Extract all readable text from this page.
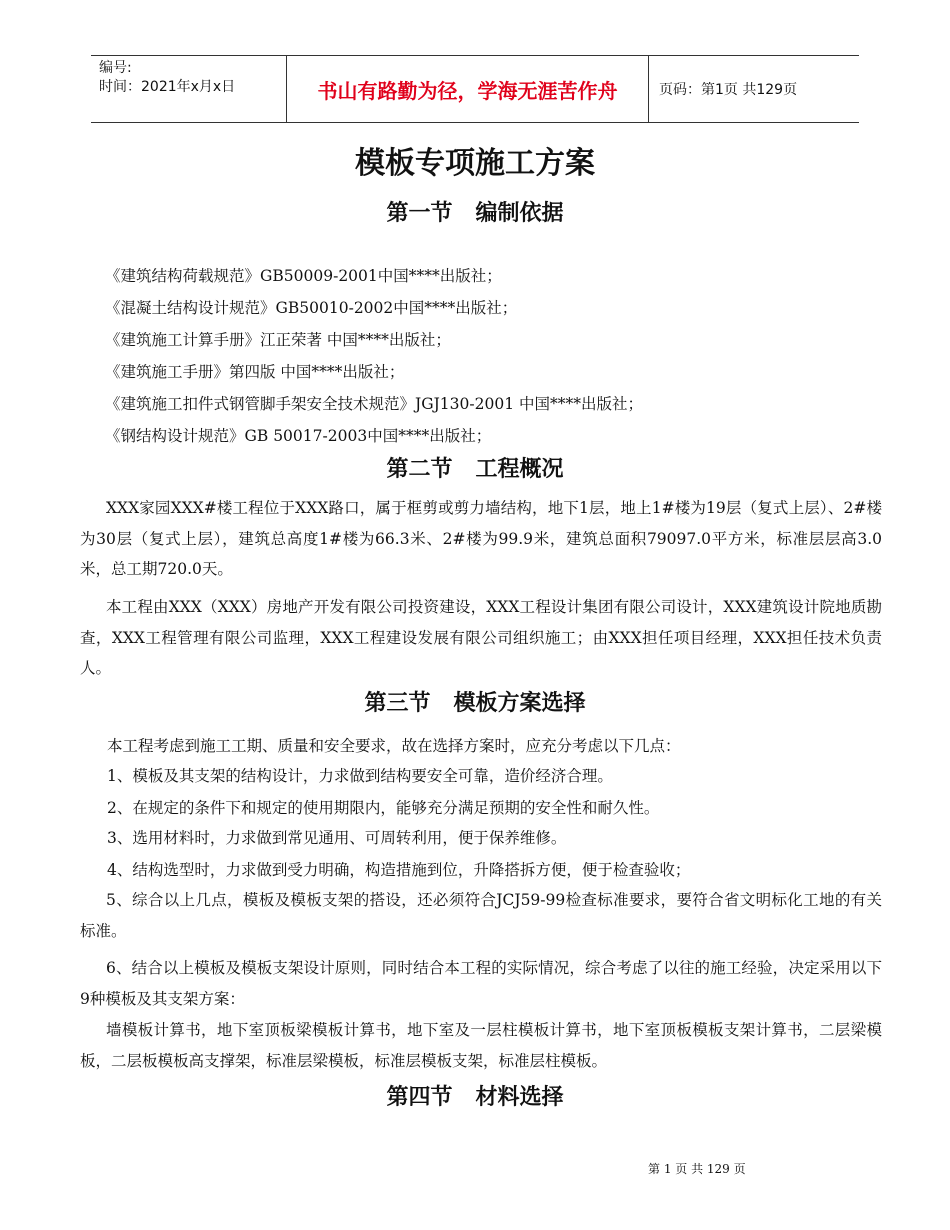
编号:
时间：2021年x月x日	书山有路勤为径，学海无涯苦作舟	页码：第1页 共129页
模板专项施工方案
第一节   编制依据
《建筑结构荷载规范》GB50009-2001中国****出版社；
《混凝土结构设计规范》GB50010-2002中国****出版社；
《建筑施工计算手册》江正荣著 中国****出版社；
《建筑施工手册》第四版 中国****出版社；
《建筑施工扣件式钢管脚手架安全技术规范》JGJ130-2001 中国****出版社；
《钢结构设计规范》GB 50017-2003中国****出版社；
第二节   工程概况

XXX家园XXX#楼工程位于XXX路口，属于框剪或剪力墙结构，地下1层，地上1#楼为19层（复式上层）、2#楼为30层（复式上层），建筑总高度1#楼为66.3米、2#楼为99.9米，建筑总面积79097.0平方米，标准层层高3.0米，总工期720.0天。

本工程由XXX（XXX）房地产开发有限公司投资建设，XXX工程设计集团有限公司设计，XXX建筑设计院地质勘查，XXX工程管理有限公司监理，XXX工程建设发展有限公司组织施工；由XXX担任项目经理，XXX担任技术负责人。

第三节   模板方案选择
本工程考虑到施工工期、质量和安全要求，故在选择方案时，应充分考虑以下几点：
1、模板及其支架的结构设计，力求做到结构要安全可靠，造价经济合理。
2、在规定的条件下和规定的使用期限内，能够充分满足预期的安全性和耐久性。
3、选用材料时，力求做到常见通用、可周转利用，便于保养维修。
4、结构选型时，力求做到受力明确，构造措施到位，升降搭拆方便，便于检查验收；

5、综合以上几点，模板及模板支架的搭设，还必须符合JCJ59-99检查标准要求，要符合省文明标化工地的有关标准。

6、结合以上模板及模板支架设计原则，同时结合本工程的实际情况，综合考虑了以往的施工经验，决定采用以下9种模板及其支架方案：

墙模板计算书，地下室顶板梁模板计算书，地下室及一层柱模板计算书，地下室顶板模板支架计算书，二层梁模板，二层板模板高支撑架，标准层梁模板，标准层模板支架，标准层柱模板。

第四节   材料选择
第 1 页 共 129 页
